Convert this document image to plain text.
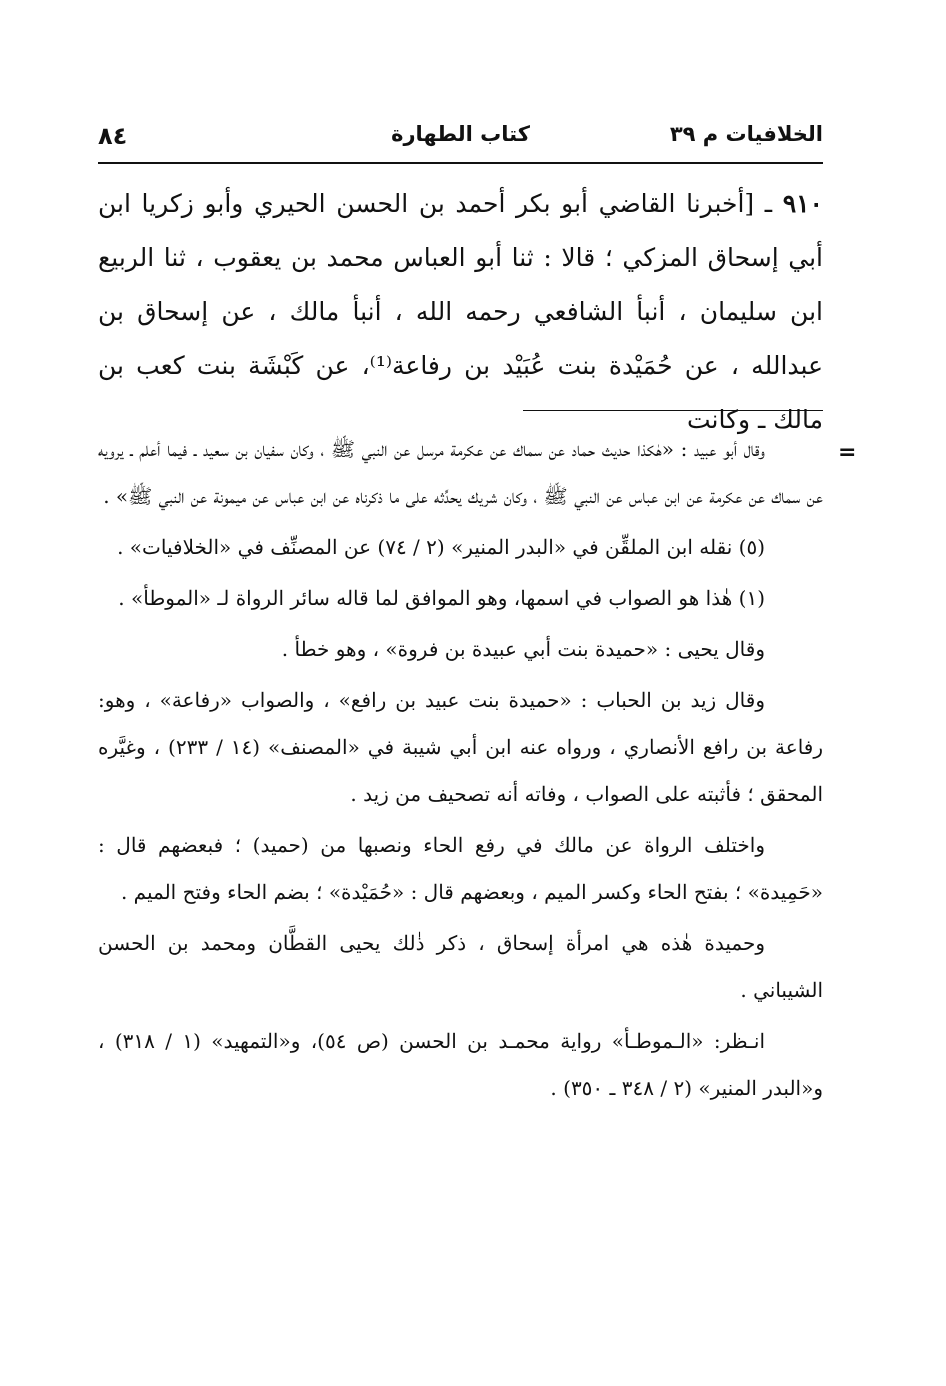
الخلافيات م ٣٩
كتاب الطهارة
٨٤

٩١٠ ـ [أخبرنا القاضي أبو بكر أحمد بن الحسن الحيري وأبو زكريا ابن أبي إسحاق المزكي ؛ قالا : ثنا أبو العباس محمد بن يعقوب ، ثنا الربيع ابن سليمان ، أنبأ الشافعي رحمه الله ، أنبأ مالك ، عن إسحاق بن عبدالله ، عن حُمَيْدة بنت عُبَيْد بن رفاعة⁽¹⁾، عن كَبْشَة بنت كعب بن مالك ـ وكانت

وقال أبو عبيد : «هٰكذا حديث حماد عن سماك عن عكرمة مرسل عن النبي ﷺ ، وكان سفيان بن سعيد ـ فيما أعلم ـ يرويه عن سماك عن عكرمة عن ابن عباس عن النبي ﷺ ، وكان شريك يحدِّثه على ما ذكرناه عن ابن عباس عن ميمونة عن النبي ﷺ» .

(٥) نقله ابن الملقِّن في «البدر المنير» (٢ / ٧٤) عن المصنِّف في «الخلافيات» .

(١) هٰذا هو الصواب في اسمها، وهو الموافق لما قاله سائر الرواة لـ «الموطأ» .

وقال يحيى : «حميدة بنت أبي عبيدة بن فروة» ، وهو خطأ .

وقال زيد بن الحباب : «حميدة بنت عبيد بن رافع» ، والصواب «رفاعة» ، وهو: رفاعة بن رافع الأنصاري ، ورواه عنه ابن أبي شيبة في «المصنف» (١٤ / ٢٣٣) ، وغيَّره المحقق ؛ فأثبته على الصواب ، وفاته أنه تصحيف من زيد .

واختلف الرواة عن مالك في رفع الحاء ونصبها من (حميد) ؛ فبعضهم قال : «حَمِيدة» ؛ بفتح الحاء وكسر الميم ، وبعضهم قال : «حُمَيْدة» ؛ بضم الحاء وفتح الميم .

وحميدة هٰذه هي امرأة إسحاق ، ذكر ذٰلك يحيى القطَّان ومحمد بن الحسن الشيباني .

انـظر: «الـموطـأ» رواية محمـد بن الحسن (ص ٥٤)، و«التمهيد» (١ / ٣١٨) ، و«البدر المنير» (٢ / ٣٤٨ ـ ٣٥٠) .

=
